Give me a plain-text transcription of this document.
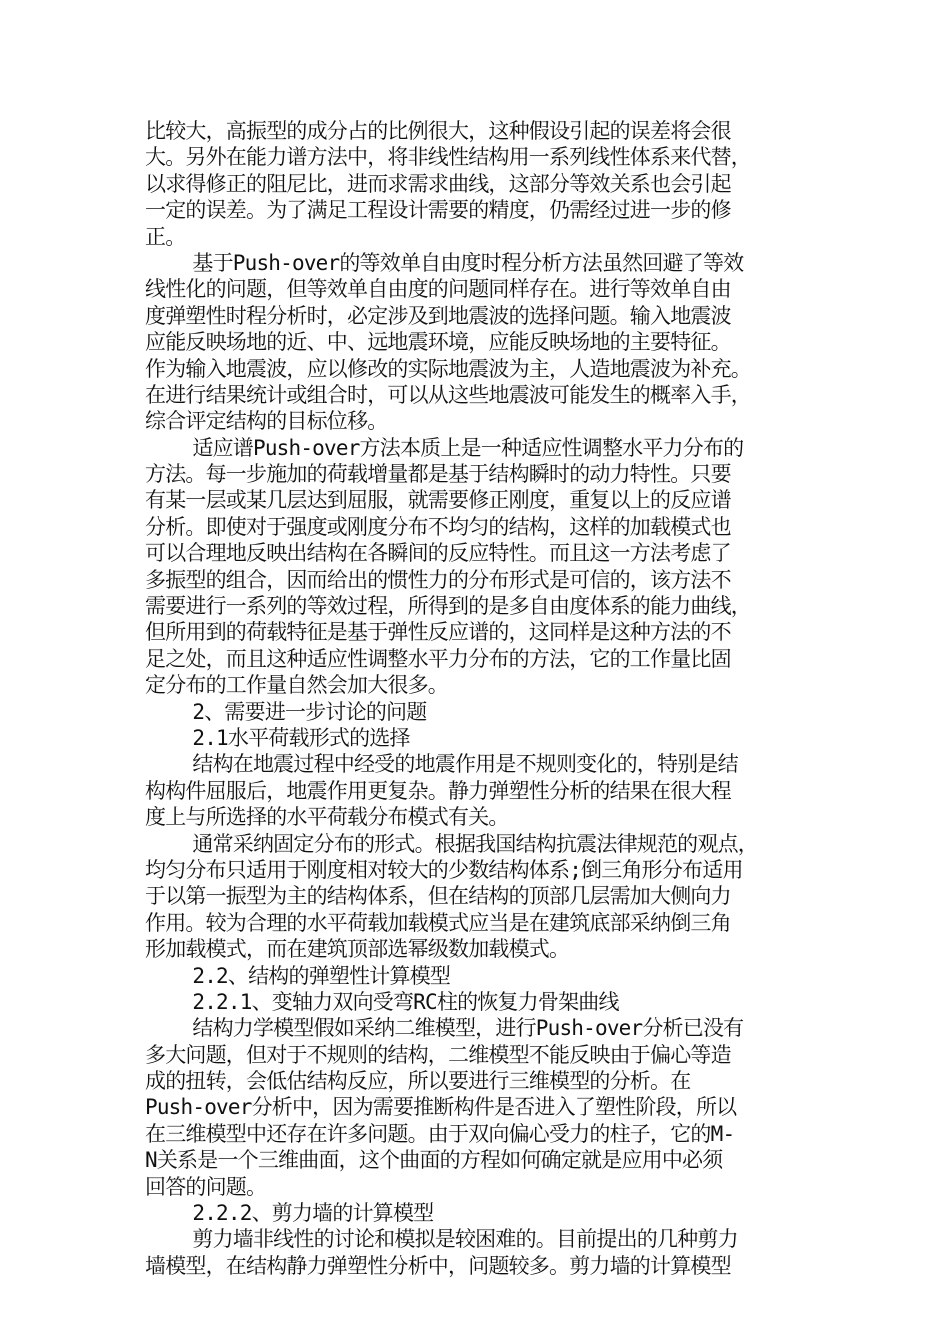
比较大，高振型的成分占的比例很大，这种假设引起的误差将会很
大。另外在能力谱方法中，将非线性结构用一系列线性体系来代替，
以求得修正的阻尼比，进而求需求曲线，这部分等效关系也会引起
一定的误差。为了满足工程设计需要的精度，仍需经过进一步的修
正。
基于Push-over的等效单自由度时程分析方法虽然回避了等效
线性化的问题，但等效单自由度的问题同样存在。进行等效单自由
度弹塑性时程分析时，必定涉及到地震波的选择问题。输入地震波
应能反映场地的近、中、远地震环境，应能反映场地的主要特征。
作为输入地震波，应以修改的实际地震波为主，人造地震波为补充。
在进行结果统计或组合时，可以从这些地震波可能发生的概率入手，
综合评定结构的目标位移。
适应谱Push-over方法本质上是一种适应性调整水平力分布的
方法。每一步施加的荷载增量都是基于结构瞬时的动力特性。只要
有某一层或某几层达到屈服，就需要修正刚度，重复以上的反应谱
分析。即使对于强度或刚度分布不均匀的结构，这样的加载模式也
可以合理地反映出结构在各瞬间的反应特性。而且这一方法考虑了
多振型的组合，因而给出的惯性力的分布形式是可信的，该方法不
需要进行一系列的等效过程，所得到的是多自由度体系的能力曲线，
但所用到的荷载特征是基于弹性反应谱的，这同样是这种方法的不
足之处，而且这种适应性调整水平力分布的方法，它的工作量比固
定分布的工作量自然会加大很多。
2、需要进一步讨论的问题
2.1水平荷载形式的选择
结构在地震过程中经受的地震作用是不规则变化的，特别是结
构构件屈服后，地震作用更复杂。静力弹塑性分析的结果在很大程
度上与所选择的水平荷载分布模式有关。
通常采纳固定分布的形式。根据我国结构抗震法律规范的观点，
均匀分布只适用于刚度相对较大的少数结构体系;倒三角形分布适用
于以第一振型为主的结构体系，但在结构的顶部几层需加大侧向力
作用。较为合理的水平荷载加载模式应当是在建筑底部采纳倒三角
形加载模式，而在建筑顶部选幂级数加载模式。
2.2、结构的弹塑性计算模型
2.2.1、变轴力双向受弯RC柱的恢复力骨架曲线
结构力学模型假如采纳二维模型，进行Push-over分析已没有
多大问题，但对于不规则的结构，二维模型不能反映由于偏心等造
成的扭转，会低估结构反应，所以要进行三维模型的分析。在
Push-over分析中，因为需要推断构件是否进入了塑性阶段，所以
在三维模型中还存在许多问题。由于双向偏心受力的柱子，它的M-
N关系是一个三维曲面，这个曲面的方程如何确定就是应用中必须
回答的问题。
2.2.2、剪力墙的计算模型
剪力墙非线性的讨论和模拟是较困难的。目前提出的几种剪力
墙模型，在结构静力弹塑性分析中，问题较多。剪力墙的计算模型
